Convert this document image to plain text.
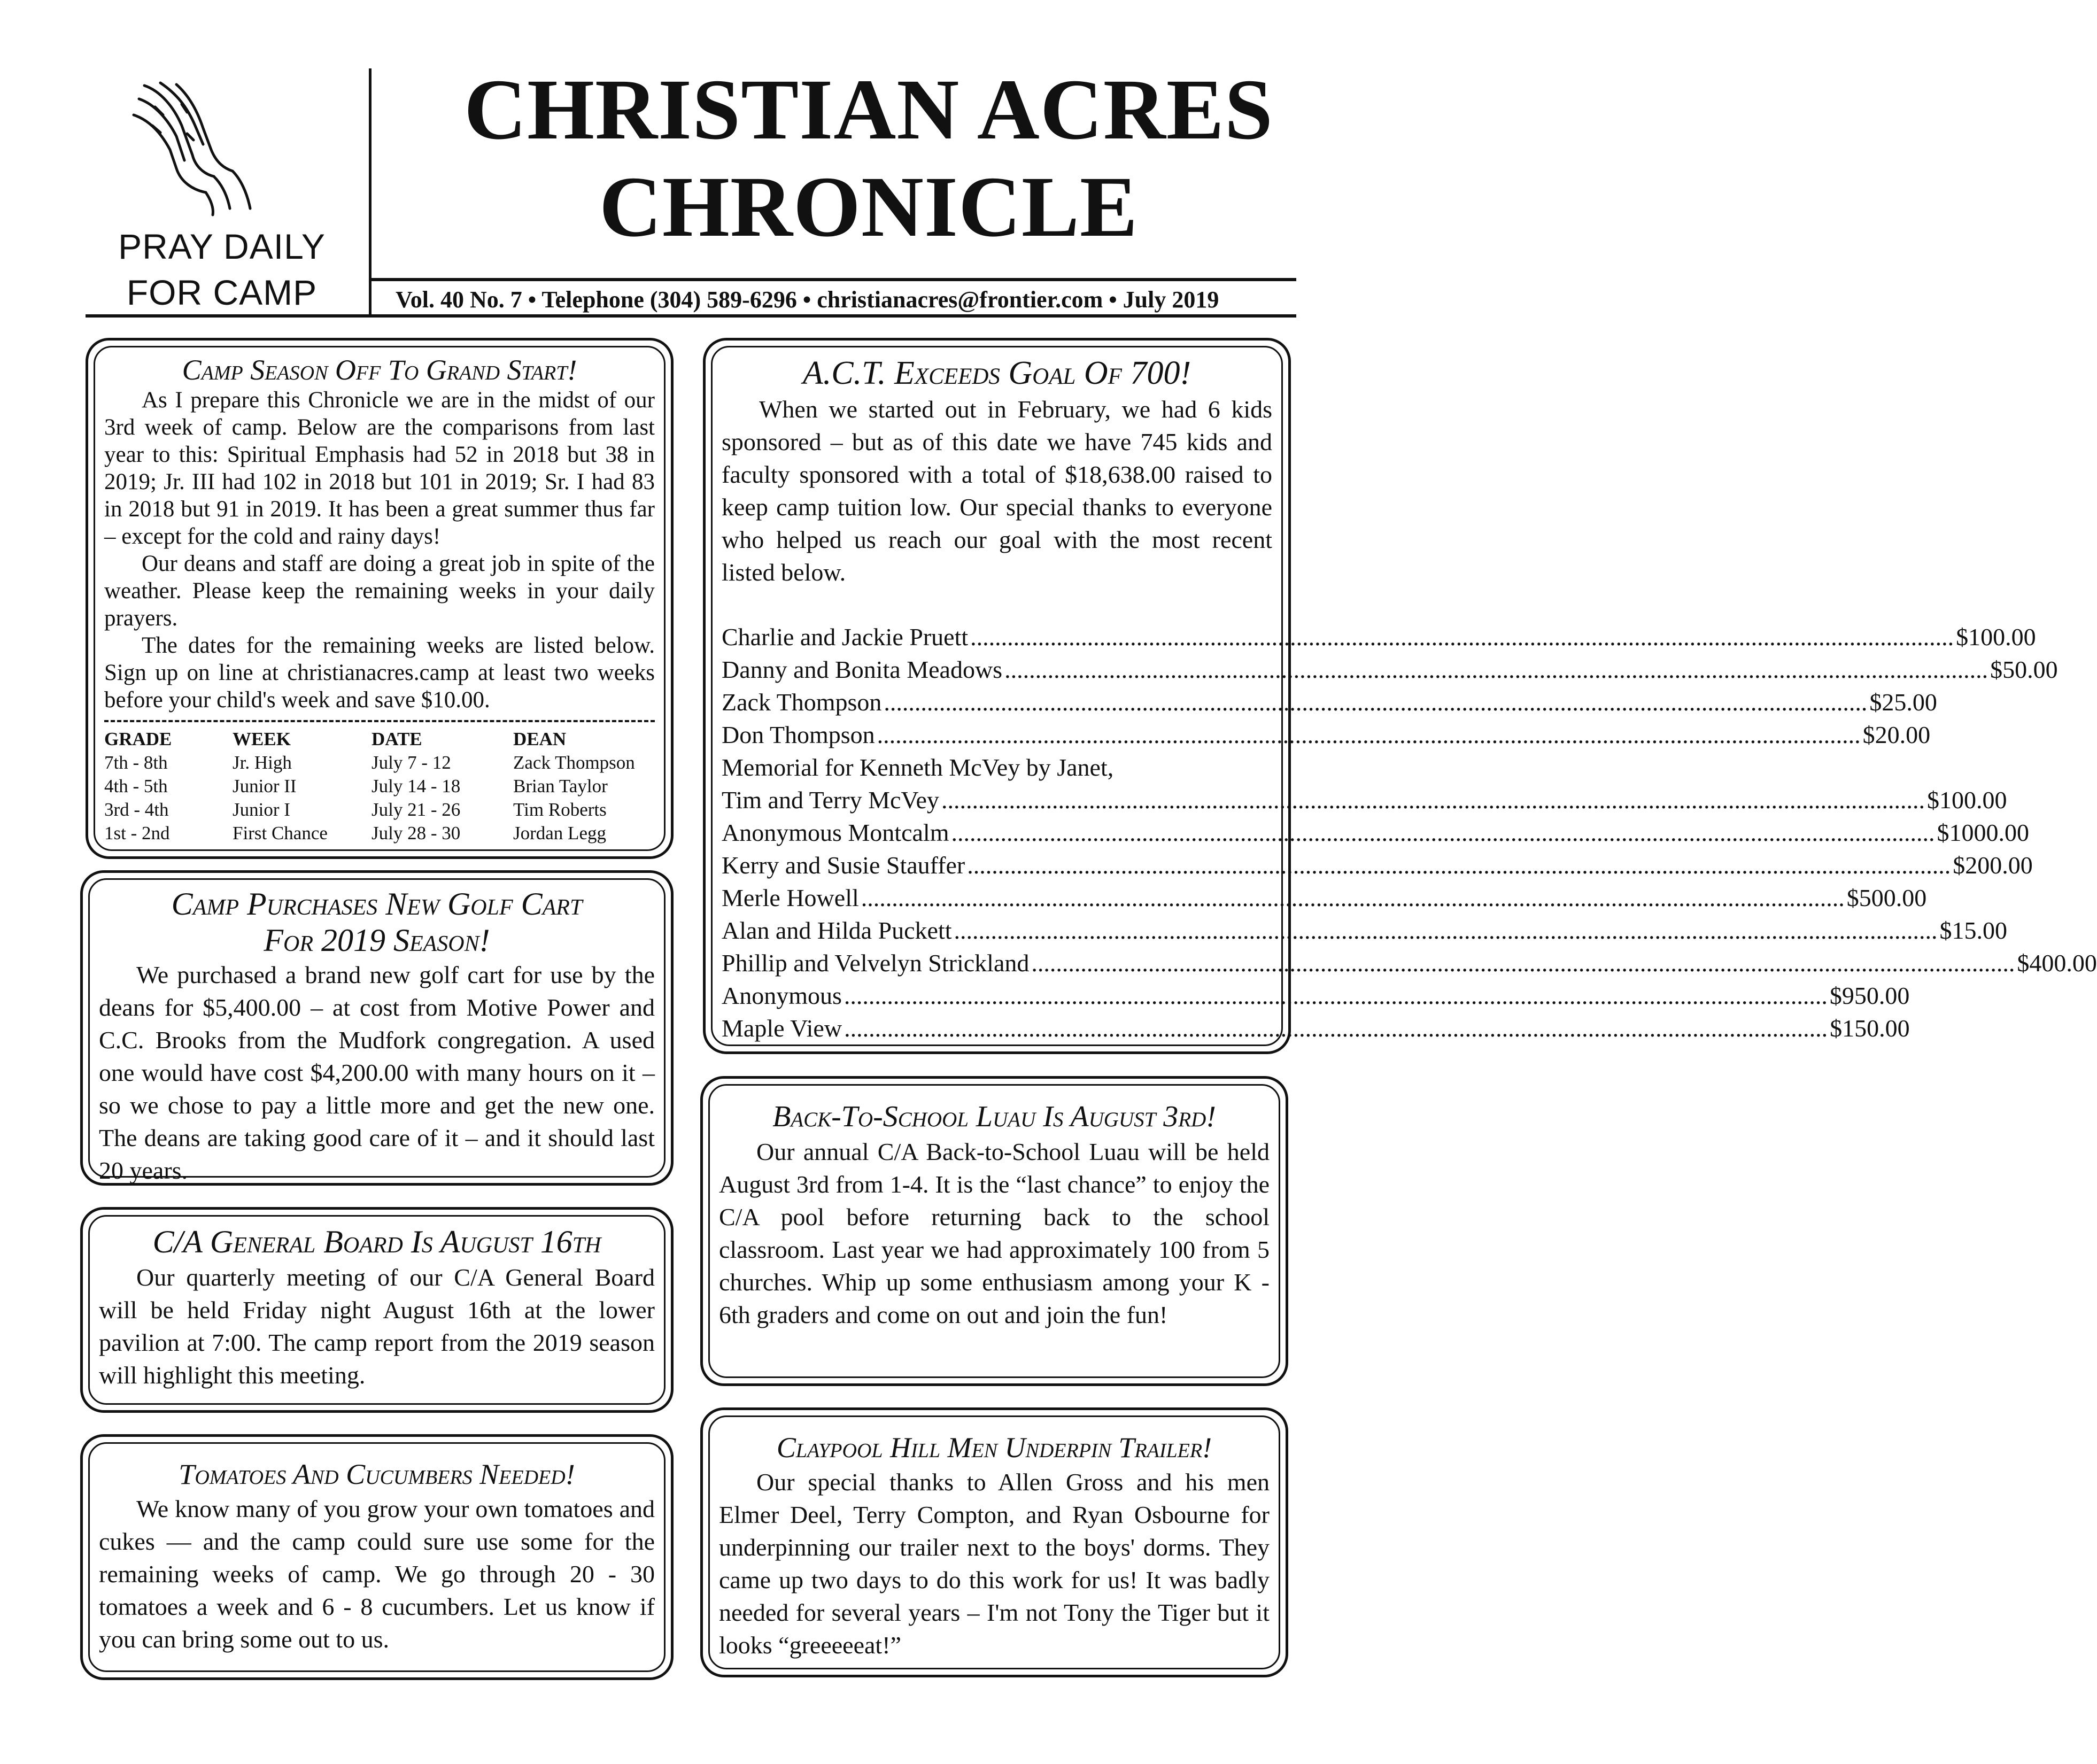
PRAY DAILY
FOR CAMP
CHRISTIAN ACRES
CHRONICLE
Vol. 40 No. 7 • Telephone (304) 589-6296 • christianacres@frontier.com • July 2019
Camp Season Off To Grand Start!

As I prepare this Chronicle we are in the midst of our 3rd week of camp. Below are the comparisons from last year to this: Spiritual Emphasis had 52 in 2018 but 38 in 2019; Jr. III had 102 in 2018 but 101 in 2019; Sr. I had 83 in 2018 but 91 in 2019. It has been a great summer thus far – except for the cold and rainy days!

Our deans and staff are doing a great job in spite of the weather. Please keep the remaining weeks in your daily prayers.

The dates for the remaining weeks are listed below. Sign up on line at christianacres.camp at least two weeks before your child's week and save $10.00.

GRADE	WEEK	DATE	DEAN
7th - 8th	Jr. High	July 7 - 12	Zack Thompson
4th - 5th	Junior II	July 14 - 18	Brian Taylor
3rd - 4th	Junior I	July 21 - 26	Tim Roberts
1st - 2nd	First Chance	July 28 - 30	Jordan Legg
Camp Purchases New Golf Cart
For 2019 Season!

We purchased a brand new golf cart for use by the deans for $5,400.00 – at cost from Motive Power and C.C. Brooks from the Mudfork congregation. A used one would have cost $4,200.00 with many hours on it – so we chose to pay a little more and get the new one. The deans are taking good care of it – and it should last 20 years.

C/A General Board Is August 16th

Our quarterly meeting of our C/A General Board will be held Friday night August 16th at the lower pavilion at 7:00. The camp report from the 2019 season will highlight this meeting.

Tomatoes And Cucumbers Needed!

We know many of you grow your own tomatoes and cukes — and the camp could sure use some for the remaining weeks of camp. We go through 20 - 30 tomatoes a week and 6 - 8 cucumbers. Let us know if you can bring some out to us.

A.C.T. Exceeds Goal Of 700!

When we started out in February, we had 6 kids sponsored – but as of this date we have 745 kids and faculty sponsored with a total of $18,638.00 raised to keep camp tuition low. Our special thanks to everyone who helped us reach our goal with the most recent listed below.

Charlie and Jackie Pruett .....	$100.00
Danny and Bonita Meadows .....	$50.00
Zack Thompson .....	$25.00
Don Thompson .....	$20.00
Memorial for Kenneth McVey by Janet,
Tim and Terry McVey .....	$100.00
Anonymous Montcalm .....	$1000.00
Kerry and Susie Stauffer .....	$200.00
Merle Howell .....	$500.00
Alan and Hilda Puckett .....	$15.00
Phillip and Velvelyn Strickland .....	$400.00
Anonymous .....	$950.00
Maple View .....	$150.00
Back-To-School Luau Is August 3rd!

Our annual C/A Back-to-School Luau will be held August 3rd from 1-4. It is the “last chance” to enjoy the C/A pool before returning back to the school classroom. Last year we had approximately 100 from 5 churches. Whip up some enthusiasm among your K - 6th graders and come on out and join the fun!

Claypool Hill Men Underpin Trailer!

Our special thanks to Allen Gross and his men Elmer Deel, Terry Compton, and Ryan Osbourne for underpinning our trailer next to the boys' dorms. They came up two days to do this work for us! It was badly needed for several years – I'm not Tony the Tiger but it looks “greeeeeat!”
